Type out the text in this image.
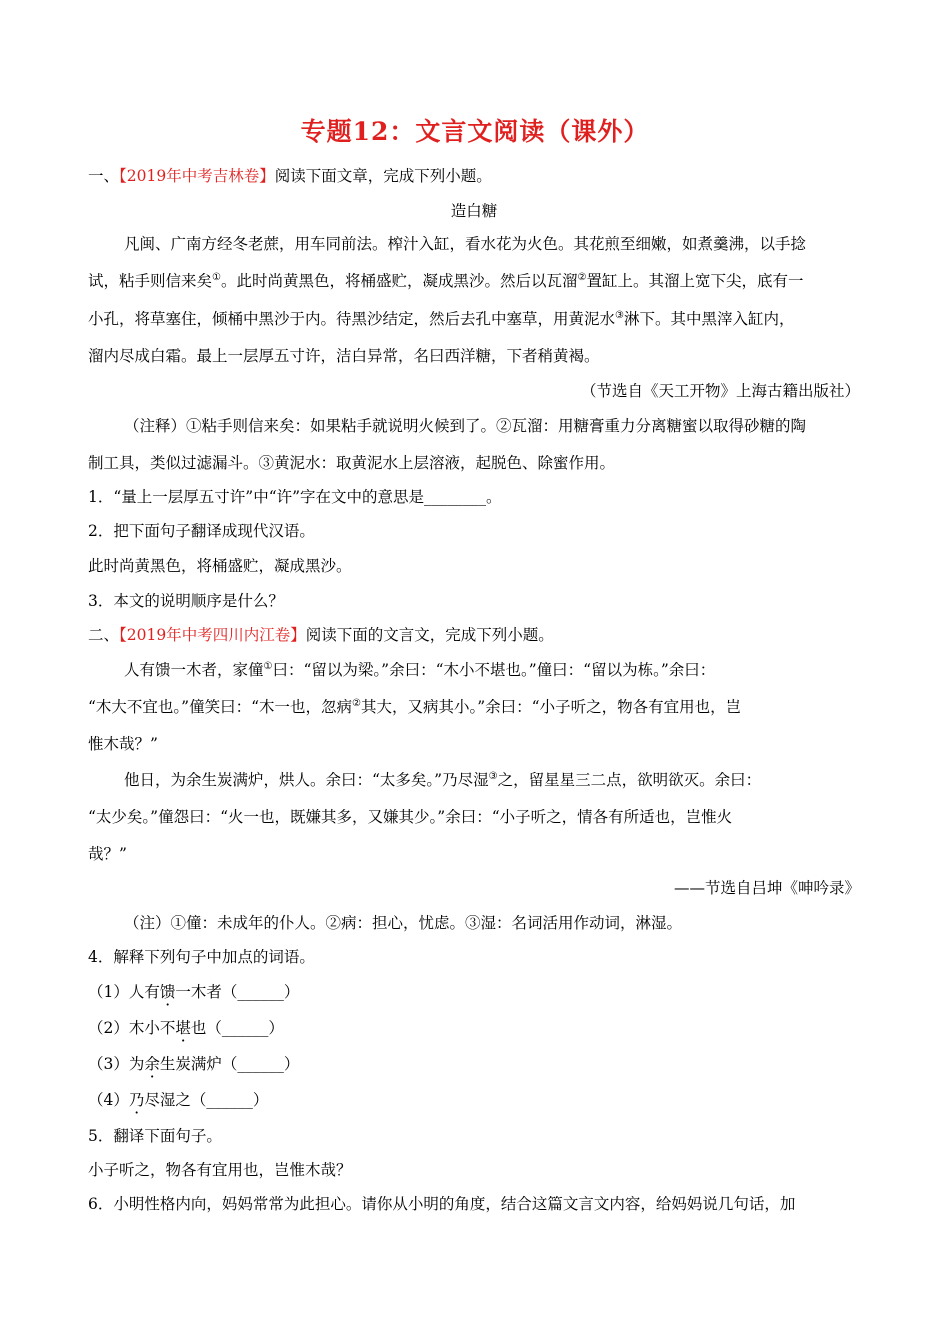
专题12：文言文阅读（课外）
一、【2019年中考吉林卷】阅读下面文章，完成下列小题。
造白糖
凡闽、广南方经冬老蔗，用车同前法。榨汁入缸，看水花为火色。其花煎至细嫩，如煮羹沸，以手捻
试，粘手则信来矣①。此时尚黄黑色，将桶盛贮，凝成黑沙。然后以瓦溜②置缸上。其溜上宽下尖，底有一
小孔，将草塞住，倾桶中黑沙于内。待黑沙结定，然后去孔中塞草，用黄泥水③淋下。其中黑滓入缸内，
溜内尽成白霜。最上一层厚五寸许，洁白异常，名曰西洋糖，下者稍黄褐。
（节选自《天工开物》上海古籍出版社）
（注释）①粘手则信来矣：如果粘手就说明火候到了。②瓦溜：用糖膏重力分离糖蜜以取得砂糖的陶
制工具，类似过滤漏斗。③黄泥水：取黄泥水上层溶液，起脱色、除蜜作用。
1．“量上一层厚五寸许”中“许”字在文中的意思是________。
2．把下面句子翻译成现代汉语。
此时尚黄黑色，将桶盛贮，凝成黑沙。
3．本文的说明顺序是什么？
二、【2019年中考四川内江卷】阅读下面的文言文，完成下列小题。
人有馈一木者，家僮①曰：“留以为梁。”余曰：“木小不堪也。”僮曰：“留以为栋。”余曰：
“木大不宜也。”僮笑曰：“木一也，忽病②其大，又病其小。”余曰：“小子听之，物各有宜用也，岂
惟木哉？”
他日，为余生炭满炉，烘人。余曰：“太多矣。”乃尽湿③之，留星星三二点，欲明欲灭。余曰：
“太少矣。”僮怨曰：“火一也，既嫌其多，又嫌其少。”余曰：“小子听之，情各有所适也，岂惟火
哉？”
——节选自吕坤《呻吟录》
（注）①僮：未成年的仆人。②病：担心，忧虑。③湿：名词活用作动词，淋湿。
4．解释下列句子中加点的词语。
（1）人有馈一木者（______）
（2）木小不堪也（______）
（3）为余生炭满炉（______）
（4）乃尽湿之（______）
5．翻译下面句子。
小子听之，物各有宜用也，岂惟木哉？
6．小明性格内向，妈妈常常为此担心。请你从小明的角度，结合这篇文言文内容，给妈妈说几句话，加
